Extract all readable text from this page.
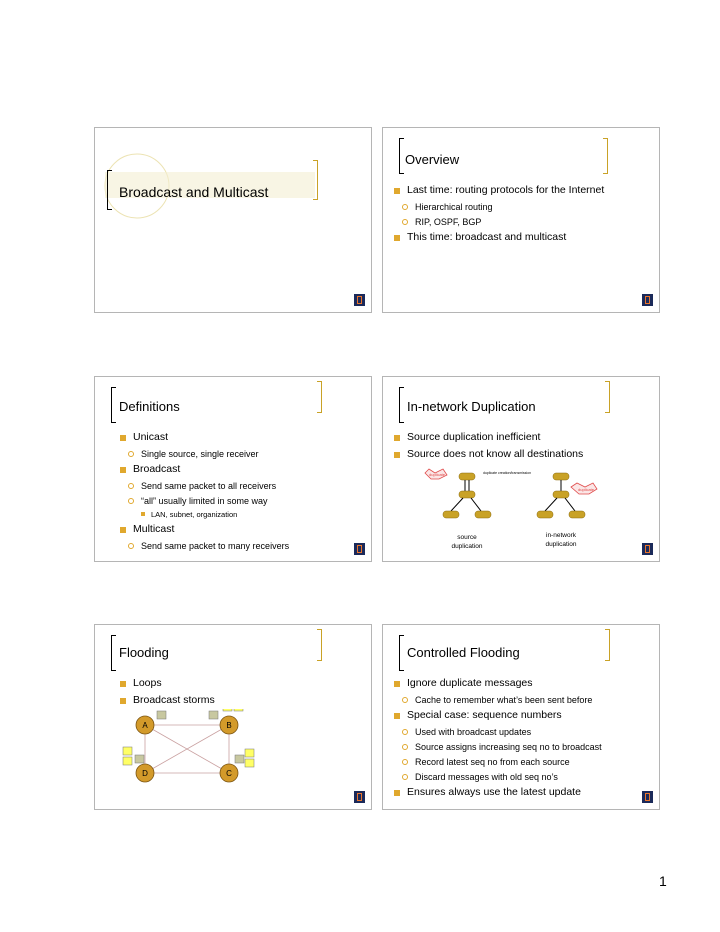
Broadcast and Multicast
Overview
Last time: routing protocols for the Internet
Hierarchical routing
RIP, OSPF, BGP
This time: broadcast and multicast
Definitions
Unicast
Single source, single receiver
Broadcast
Send same packet to all receivers
“all” usually limited in some way
LAN, subnet, organization
Multicast
Send same packet to many receivers
In-network Duplication
Source duplication inefficient
Source does not know all destinations
duplicate	duplicate creation/transmission
duplicate
source
duplication
in-network
duplication
Flooding
Loops
Broadcast storms
A	B
D	C
Controlled Flooding
Ignore duplicate messages
Cache to remember what’s been sent before
Special case: sequence numbers
Used with broadcast updates
Source assigns increasing seq no to broadcast
Record latest seq no from each source
Discard messages with old seq no’s
Ensures always use the latest update
1
